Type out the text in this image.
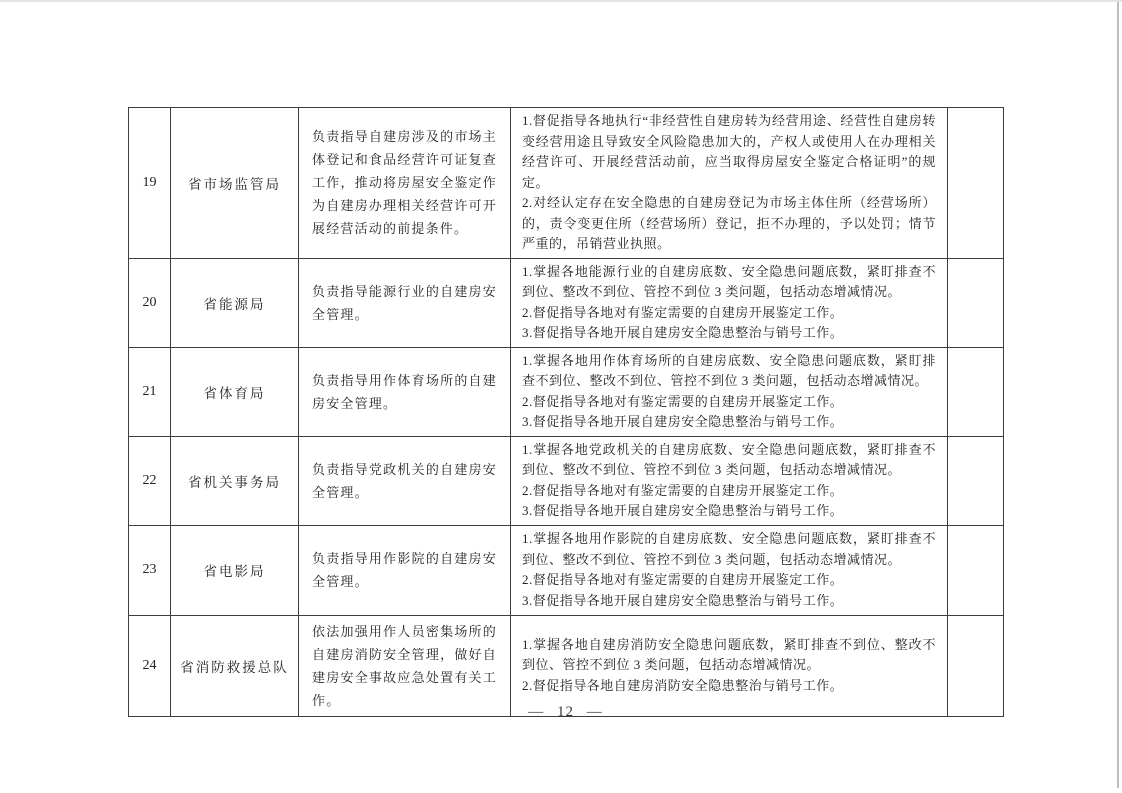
19	省市场监管局	负责指导自建房涉及的市场主体登记和食品经营许可证复查工作，推动将房屋安全鉴定作为自建房办理相关经营许可开展经营活动的前提条件。	1.督促指导各地执行“非经营性自建房转为经营用途、经营性自建房转变经营用途且导致安全风险隐患加大的，产权人或使用人在办理相关经营许可、开展经营活动前，应当取得房屋安全鉴定合格证明”的规定。
2.对经认定存在安全隐患的自建房登记为市场主体住所（经营场所）的，责令变更住所（经营场所）登记，拒不办理的，予以处罚；情节严重的，吊销营业执照。	

20	省能源局	负责指导能源行业的自建房安全管理。	1.掌握各地能源行业的自建房底数、安全隐患问题底数，紧盯排查不到位、整改不到位、管控不到位 3 类问题，包括动态增减情况。
2.督促指导各地对有鉴定需要的自建房开展鉴定工作。
3.督促指导各地开展自建房安全隐患整治与销号工作。	

21	省体育局	负责指导用作体育场所的自建房安全管理。	1.掌握各地用作体育场所的自建房底数、安全隐患问题底数，紧盯排查不到位、整改不到位、管控不到位 3 类问题，包括动态增减情况。
2.督促指导各地对有鉴定需要的自建房开展鉴定工作。
3.督促指导各地开展自建房安全隐患整治与销号工作。	

22	省机关事务局	负责指导党政机关的自建房安全管理。	1.掌握各地党政机关的自建房底数、安全隐患问题底数，紧盯排查不到位、整改不到位、管控不到位 3 类问题，包括动态增减情况。
2.督促指导各地对有鉴定需要的自建房开展鉴定工作。
3.督促指导各地开展自建房安全隐患整治与销号工作。	

23	省电影局	负责指导用作影院的自建房安全管理。	1.掌握各地用作影院的自建房底数、安全隐患问题底数，紧盯排查不到位、整改不到位、管控不到位 3 类问题，包括动态增减情况。
2.督促指导各地对有鉴定需要的自建房开展鉴定工作。
3.督促指导各地开展自建房安全隐患整治与销号工作。	

24	省消防救援总队	依法加强用作人员密集场所的自建房消防安全管理，做好自建房安全事故应急处置有关工作。	1.掌握各地自建房消防安全隐患问题底数，紧盯排查不到位、整改不到位、管控不到位 3 类问题，包括动态增减情况。
2.督促指导各地自建房消防安全隐患整治与销号工作。	

— 12 —
